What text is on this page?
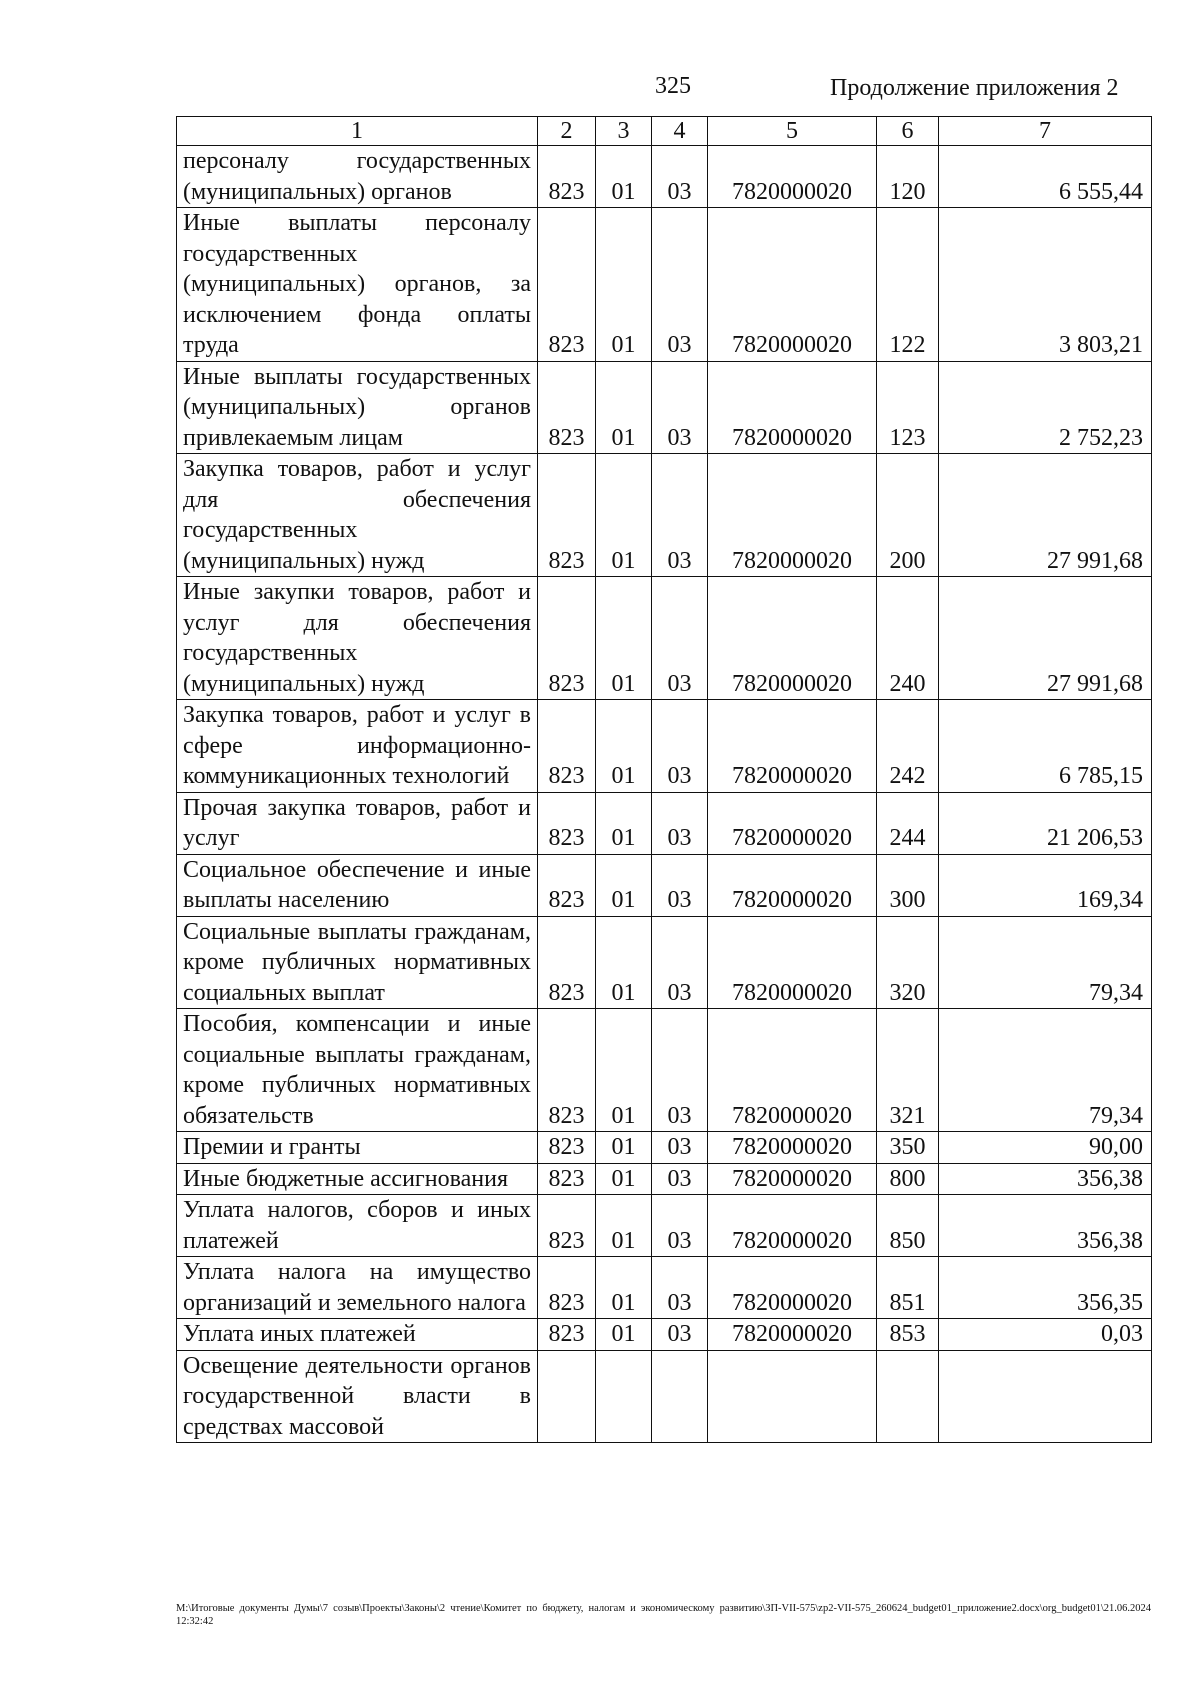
325	Продолжение приложения 2
1	2	3	4	5	6	7
персоналу государственных (муниципальных) органов	823	01	03	7820000020	120	6 555,44
Иные выплаты персоналу государственных (муниципальных) органов, за исключением фонда оплаты труда	823	01	03	7820000020	122	3 803,21
Иные выплаты государственных (муниципальных) органов привлекаемым лицам	823	01	03	7820000020	123	2 752,23
Закупка товаров, работ и услуг для обеспечения государственных (муниципальных) нужд	823	01	03	7820000020	200	27 991,68
Иные закупки товаров, работ и услуг для обеспечения государственных (муниципальных) нужд	823	01	03	7820000020	240	27 991,68
Закупка товаров, работ и услуг в сфере информационно-коммуникационных технологий	823	01	03	7820000020	242	6 785,15
Прочая закупка товаров, работ и услуг	823	01	03	7820000020	244	21 206,53
Социальное обеспечение и иные выплаты населению	823	01	03	7820000020	300	169,34
Социальные выплаты гражданам, кроме публичных нормативных социальных выплат	823	01	03	7820000020	320	79,34
Пособия, компенсации и иные социальные выплаты гражданам, кроме публичных нормативных обязательств	823	01	03	7820000020	321	79,34
Премии и гранты	823	01	03	7820000020	350	90,00
Иные бюджетные ассигнования	823	01	03	7820000020	800	356,38
Уплата налогов, сборов и иных платежей	823	01	03	7820000020	850	356,38
Уплата налога на имущество организаций и земельного налога	823	01	03	7820000020	851	356,35
Уплата иных платежей	823	01	03	7820000020	853	0,03
Освещение деятельности органов государственной власти в средствах массовой						
М:\Итоговые документы Думы\7 созыв\Проекты\Законы\2 чтение\Комитет по бюджету, налогам и экономическому развитию\ЗП-VII-575\zp2-VII-575_260624_budget01_приложение2.docx\org_budget01\21.06.2024 12:32:42
